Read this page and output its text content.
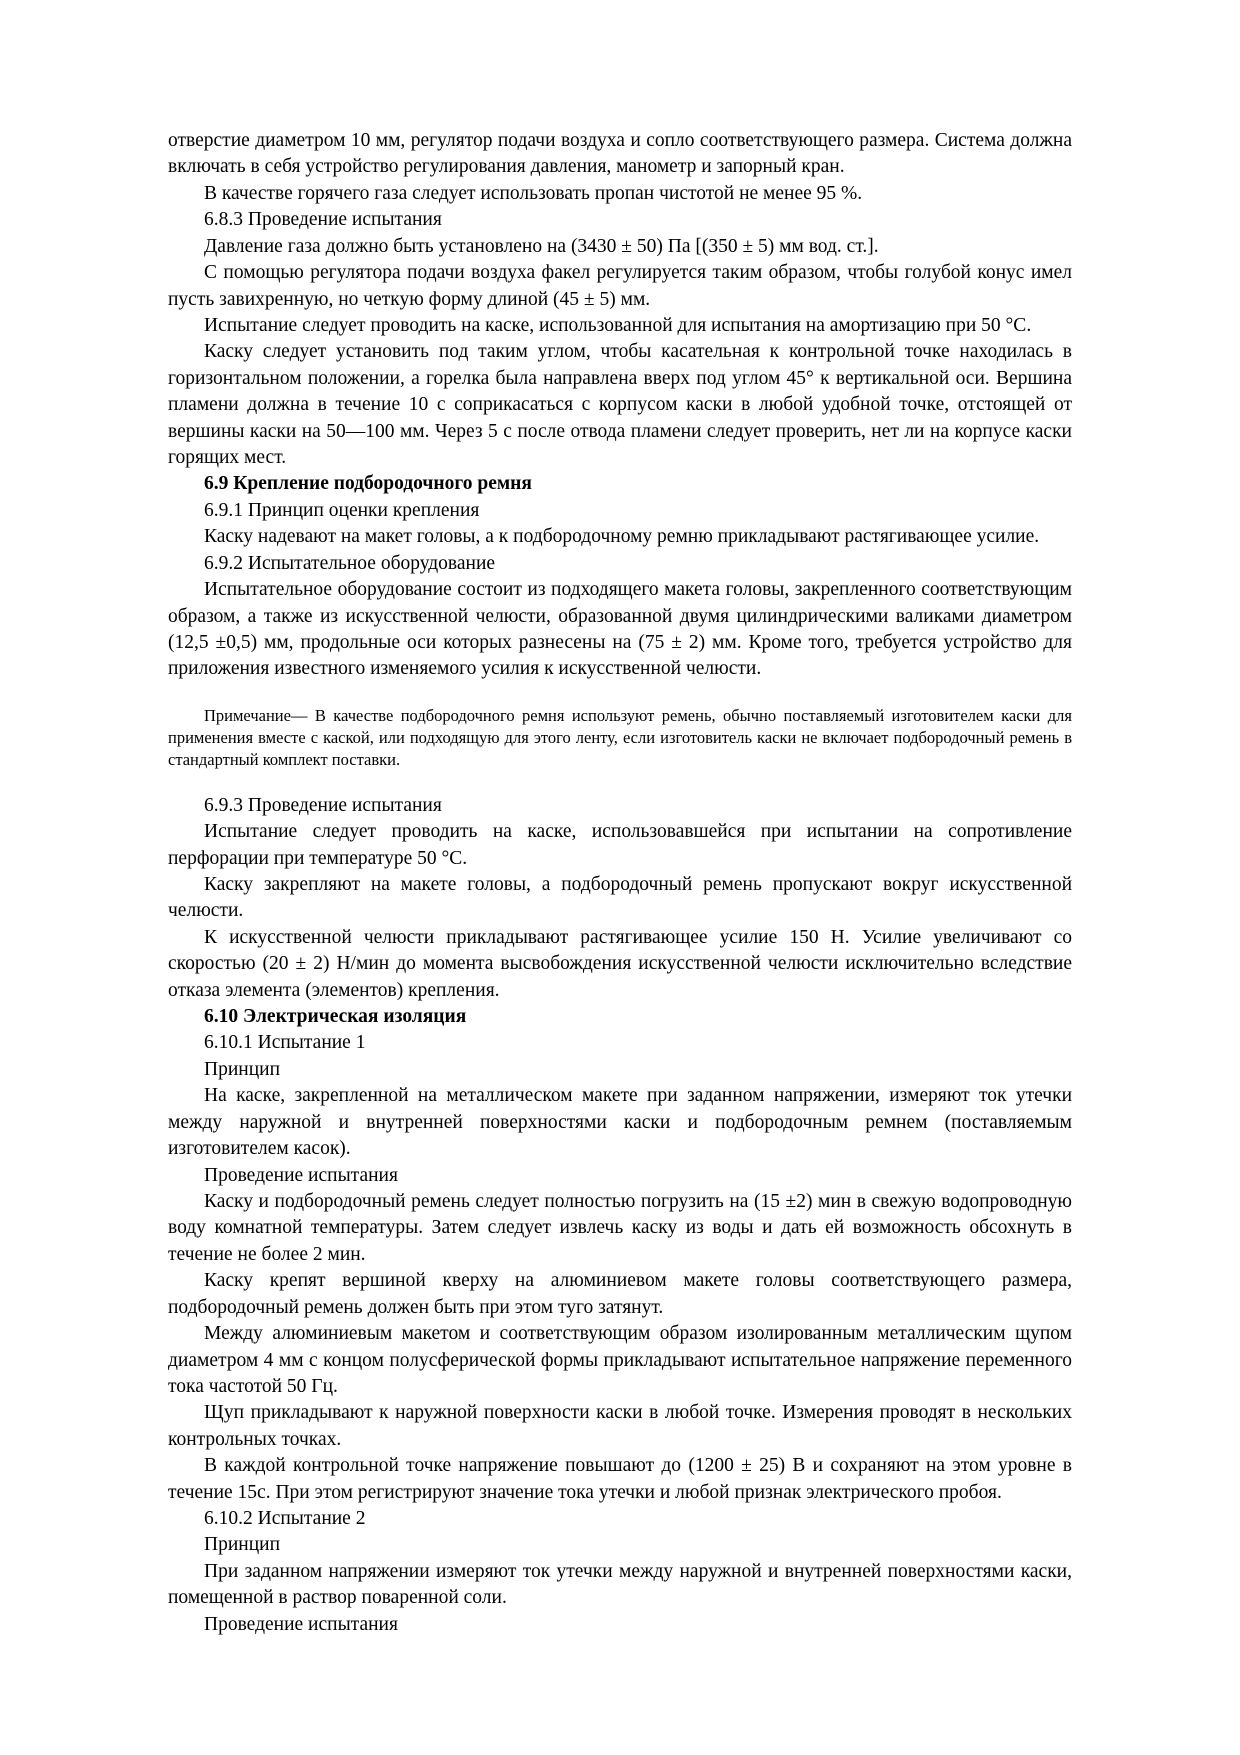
отверстие диаметром 10 мм, регулятор подачи воздуха и сопло соответствующего размера. Система должна включать в себя устройство регулирования давления, манометр и запорный кран.

В качестве горячего газа следует использовать пропан чистотой не менее 95 %.

6.8.3 Проведение испытания

Давление газа должно быть установлено на (3430 ± 50) Па [(350 ± 5) мм вод. ст.].

С помощью регулятора подачи воздуха факел регулируется таким образом, чтобы голубой конус имел пусть завихренную, но четкую форму длиной (45 ± 5) мм.

Испытание следует проводить на каске, использованной для испытания на амортизацию при 50 °С.

Каску следует установить под таким углом, чтобы касательная к контрольной точке находилась в горизонтальном положении, а горелка была направлена вверх под углом 45° к вертикальной оси. Вершина пламени должна в течение 10 с соприкасаться с корпусом каски в любой удобной точке, отстоящей от вершины каски на 50—100 мм. Через 5 с после отвода пламени следует проверить, нет ли на корпусе каски горящих мест.

6.9 Крепление подбородочного ремня

6.9.1 Принцип оценки крепления

Каску надевают на макет головы, а к подбородочному ремню прикладывают растягивающее усилие.

6.9.2 Испытательное оборудование

Испытательное оборудование состоит из подходящего макета головы, закрепленного соответствующим образом, а также из искусственной челюсти, образованной двумя цилиндрическими валиками диаметром (12,5 ±0,5) мм, продольные оси которых разнесены на (75 ± 2) мм. Кроме того, требуется устройство для приложения известного изменяемого усилия к искусственной челюсти.

Примечание— В качестве подбородочного ремня используют ремень, обычно поставляемый изготовителем каски для применения вместе с каской, или подходящую для этого ленту, если изготовитель каски не включает подбородочный ремень в стандартный комплект поставки.

6.9.3 Проведение испытания

Испытание следует проводить на каске, использовавшейся при испытании на сопротивление перфорации при температуре 50 °С.

Каску закрепляют на макете головы, а подбородочный ремень пропускают вокруг искусственной челюсти.

К искусственной челюсти прикладывают растягивающее усилие 150 Н. Усилие увеличивают со скоростью (20 ± 2) Н/мин до момента высвобождения искусственной челюсти исключительно вследствие отказа элемента (элементов) крепления.

6.10 Электрическая изоляция

6.10.1 Испытание 1

Принцип

На каске, закрепленной на металлическом макете при заданном напряжении, измеряют ток утечки между наружной и внутренней поверхностями каски и подбородочным ремнем (поставляемым изготовителем касок).

Проведение испытания

Каску и подбородочный ремень следует полностью погрузить на (15 ±2) мин в свежую водопроводную воду комнатной температуры. Затем следует извлечь каску из воды и дать ей возможность обсохнуть в течение не более 2 мин.

Каску крепят вершиной кверху на алюминиевом макете головы соответствующего размера, подбородочный ремень должен быть при этом туго затянут.

Между алюминиевым макетом и соответствующим образом изолированным металлическим щупом диаметром 4 мм с концом полусферической формы прикладывают испытательное напряжение переменного тока частотой 50 Гц.

Щуп прикладывают к наружной поверхности каски в любой точке. Измерения проводят в нескольких контрольных точках.

В каждой контрольной точке напряжение повышают до (1200 ± 25) В и сохраняют на этом уровне в течение 15с. При этом регистрируют значение тока утечки и любой признак электрического пробоя.

6.10.2 Испытание 2

Принцип

При заданном напряжении измеряют ток утечки между наружной и внутренней поверхностями каски, помещенной в раствор поваренной соли.

Проведение испытания
